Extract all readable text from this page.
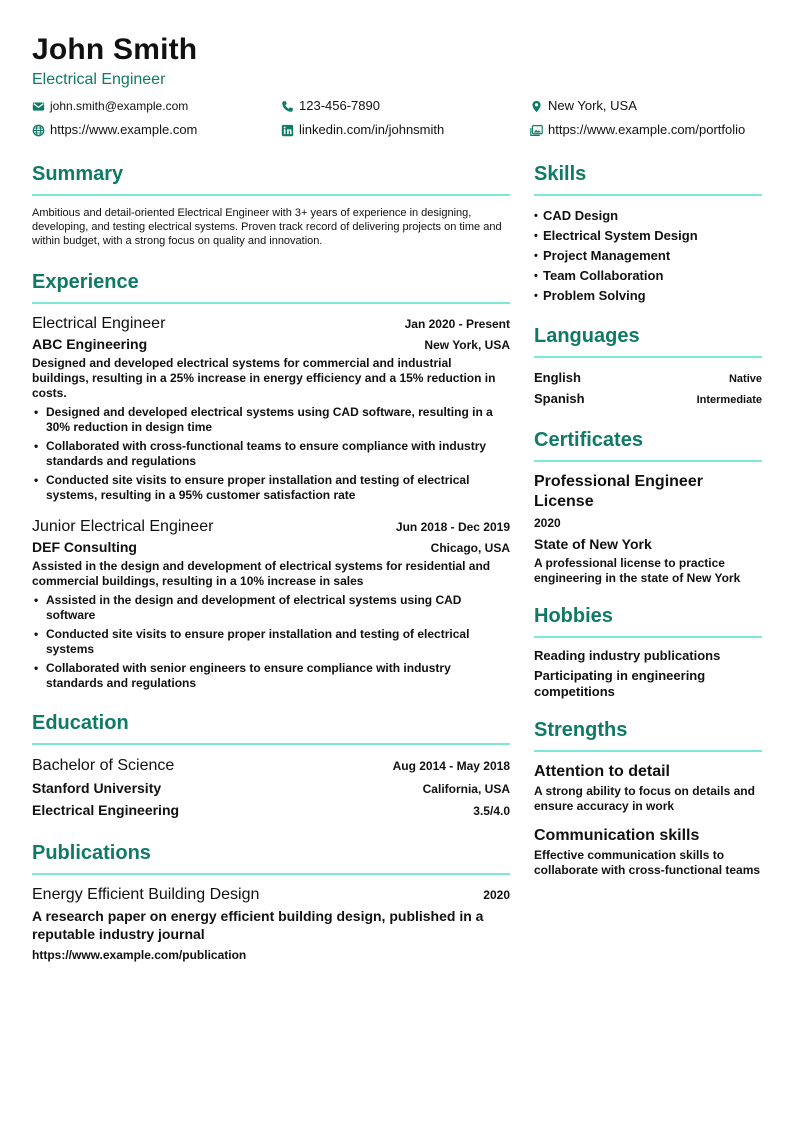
John Smith
Electrical Engineer
john.smith@example.com	123-456-7890	New York, USA
https://www.example.com	linkedin.com/in/johnsmith	https://www.example.com/portfolio
Summary
Ambitious and detail-oriented Electrical Engineer with 3+ years of experience in designing, developing, and testing electrical systems. Proven track record of delivering projects on time and within budget, with a strong focus on quality and innovation.
Experience
Electrical Engineer	Jan 2020 - Present
ABC Engineering	New York, USA
Designed and developed electrical systems for commercial and industrial buildings, resulting in a 25% increase in energy efficiency and a 15% reduction in costs.
• Designed and developed electrical systems using CAD software, resulting in a 30% reduction in design time
• Collaborated with cross-functional teams to ensure compliance with industry standards and regulations
• Conducted site visits to ensure proper installation and testing of electrical systems, resulting in a 95% customer satisfaction rate
Junior Electrical Engineer	Jun 2018 - Dec 2019
DEF Consulting	Chicago, USA
Assisted in the design and development of electrical systems for residential and commercial buildings, resulting in a 10% increase in sales
• Assisted in the design and development of electrical systems using CAD software
• Conducted site visits to ensure proper installation and testing of electrical systems
• Collaborated with senior engineers to ensure compliance with industry standards and regulations
Education
Bachelor of Science	Aug 2014 - May 2018
Stanford University	California, USA
Electrical Engineering	3.5/4.0
Publications
Energy Efficient Building Design	2020
A research paper on energy efficient building design, published in a reputable industry journal
https://www.example.com/publication
Skills
• CAD Design
• Electrical System Design
• Project Management
• Team Collaboration
• Problem Solving
Languages
English	Native
Spanish	Intermediate
Certificates
Professional Engineer License
2020
State of New York
A professional license to practice engineering in the state of New York
Hobbies
Reading industry publications
Participating in engineering competitions
Strengths
Attention to detail
A strong ability to focus on details and ensure accuracy in work
Communication skills
Effective communication skills to collaborate with cross-functional teams
